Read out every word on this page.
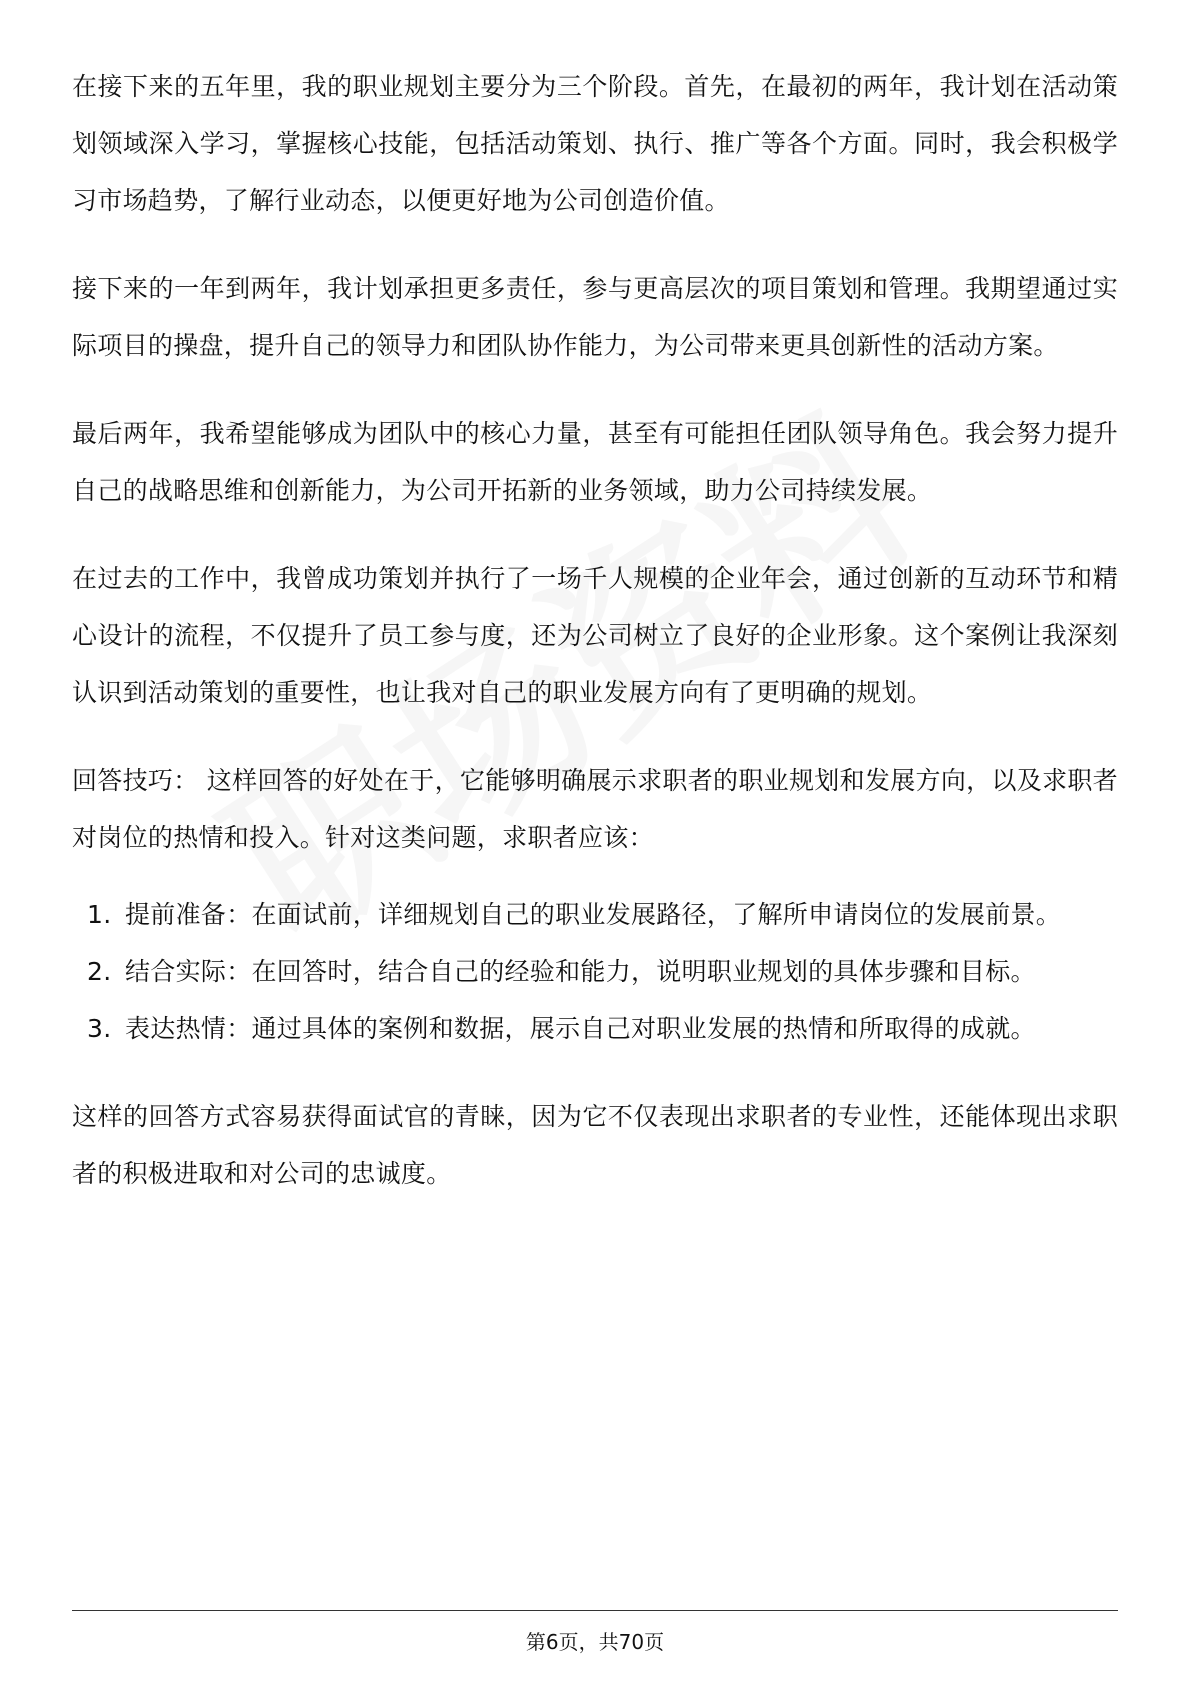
在接下来的五年里，我的职业规划主要分为三个阶段。首先，在最初的两年，我计划在活动策划领域深入学习，掌握核心技能，包括活动策划、执行、推广等各个方面。同时，我会积极学习市场趋势，了解行业动态，以便更好地为公司创造价值。

接下来的一年到两年，我计划承担更多责任，参与更高层次的项目策划和管理。我期望通过实际项目的操盘，提升自己的领导力和团队协作能力，为公司带来更具创新性的活动方案。

最后两年，我希望能够成为团队中的核心力量，甚至有可能担任团队领导角色。我会努力提升自己的战略思维和创新能力，为公司开拓新的业务领域，助力公司持续发展。

在过去的工作中，我曾成功策划并执行了一场千人规模的企业年会，通过创新的互动环节和精心设计的流程，不仅提升了员工参与度，还为公司树立了良好的企业形象。这个案例让我深刻认识到活动策划的重要性，也让我对自己的职业发展方向有了更明确的规划。

回答技巧： 这样回答的好处在于，它能够明确展示求职者的职业规划和发展方向，以及求职者对岗位的热情和投入。针对这类问题，求职者应该：

1. 提前准备：在面试前，详细规划自己的职业发展路径，了解所申请岗位的发展前景。
2. 结合实际：在回答时，结合自己的经验和能力，说明职业规划的具体步骤和目标。
3. 表达热情：通过具体的案例和数据，展示自己对职业发展的热情和所取得的成就。

这样的回答方式容易获得面试官的青睐，因为它不仅表现出求职者的专业性，还能体现出求职者的积极进取和对公司的忠诚度。

第6页，共70页
